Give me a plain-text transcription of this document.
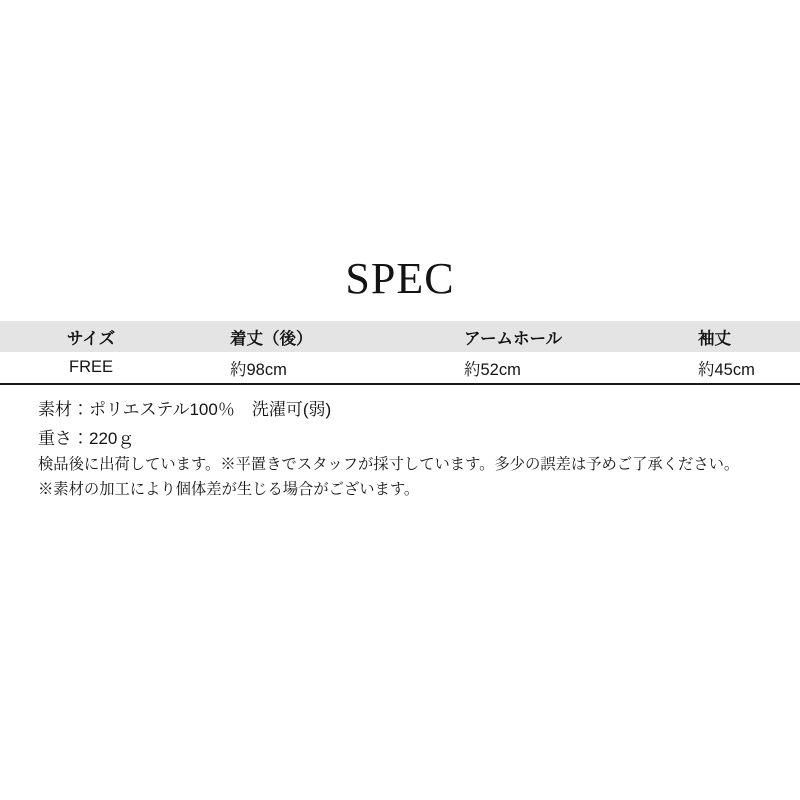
SPEC
サイズ	着丈（後）	アームホール	袖丈
FREE	約98cm	約52cm	約45cm
素材：ポリエステル100％　洗濯可(弱)
重さ：220ｇ
検品後に出荷しています。※平置きでスタッフが採寸しています。多少の誤差は予めご了承ください。
※素材の加工により個体差が生じる場合がございます。
